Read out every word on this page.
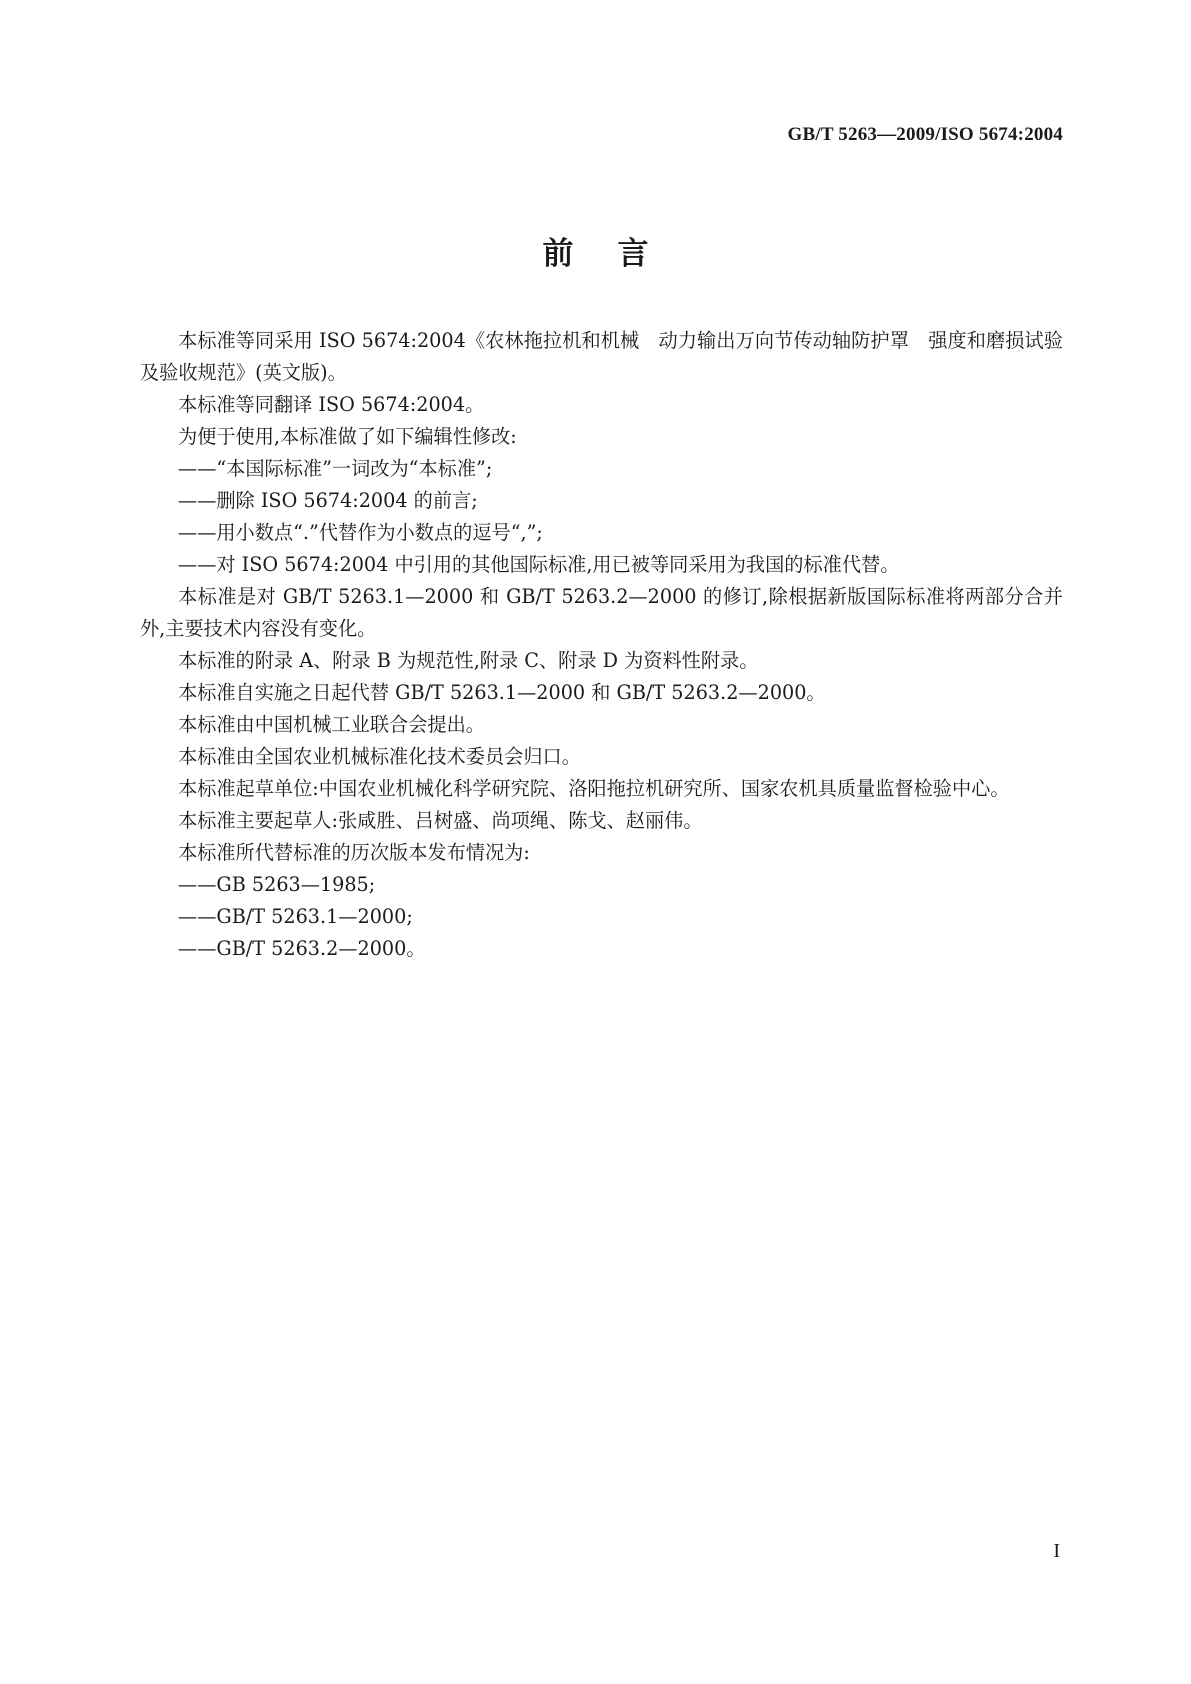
GB/T 5263—2009/ISO 5674:2004
前言

本标准等同采用 ISO 5674:2004《农林拖拉机和机械　动力输出万向节传动轴防护罩　强度和磨损试验及验收规范》(英文版)。

本标准等同翻译 ISO 5674:2004。

为便于使用,本标准做了如下编辑性修改:

——“本国际标准”一词改为“本标准”;

——删除 ISO 5674:2004 的前言;

——用小数点“.”代替作为小数点的逗号“,”;

——对 ISO 5674:2004 中引用的其他国际标准,用已被等同采用为我国的标准代替。

本标准是对 GB/T 5263.1—2000 和 GB/T 5263.2—2000 的修订,除根据新版国际标准将两部分合并外,主要技术内容没有变化。

本标准的附录 A、附录 B 为规范性,附录 C、附录 D 为资料性附录。

本标准自实施之日起代替 GB/T 5263.1—2000 和 GB/T 5263.2—2000。

本标准由中国机械工业联合会提出。

本标准由全国农业机械标准化技术委员会归口。

本标准起草单位:中国农业机械化科学研究院、洛阳拖拉机研究所、国家农机具质量监督检验中心。

本标准主要起草人:张咸胜、吕树盛、尚项绳、陈戈、赵丽伟。

本标准所代替标准的历次版本发布情况为:

——GB 5263—1985;

——GB/T 5263.1—2000;

——GB/T 5263.2—2000。

I
